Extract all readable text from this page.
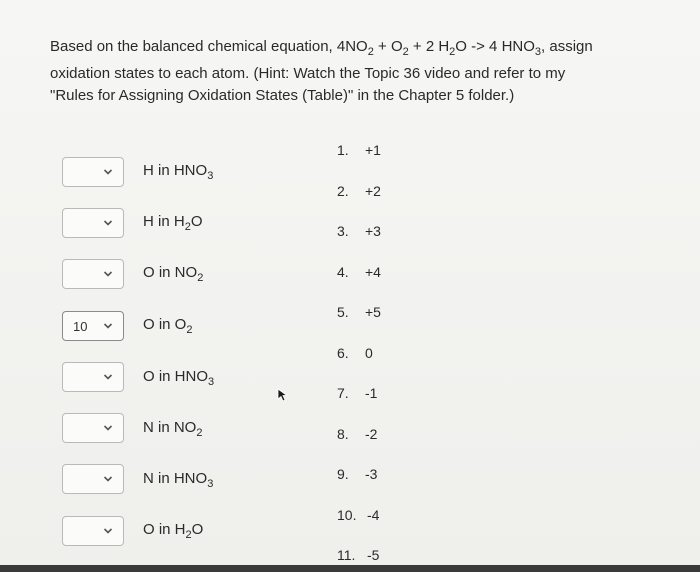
Based on the balanced chemical equation, $4NO_2 + O_2 + 2$ $H_2O -> 4$ $HNO_3$, assign
oxidation states to each atom. (Hint: Watch the Topic 36 video and refer to my
"Rules for Assigning Oxidation States (Table)" in the Chapter 5 folder.)
H in $HNO_3$
H in $H_2O$
O in $NO_2$
10	O in $O_2$
O in $HNO_3$
N in $NO_2$
N in $HNO_3$
O in $H_2O$
1. +1
2. +2
3. +3
4. +4
5. +5
6. 0
7. -1
8. -2
9. -3
10. -4
11. -5
